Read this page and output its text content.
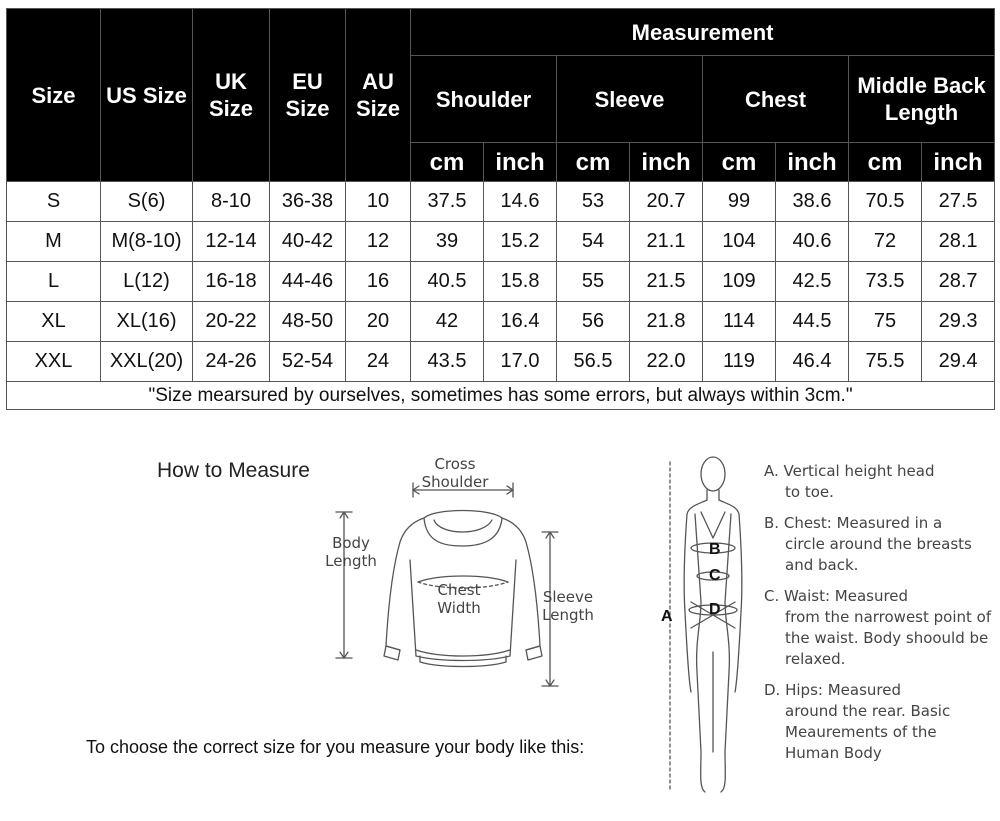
Size	US Size	UK Size	EU Size	AU Size	Measurement							
					Shoulder		Sleeve		Chest		Middle Back Length	
					cm	inch	cm	inch	cm	inch	cm	inch
S	S(6)	8-10	36-38	10	37.5	14.6	53	20.7	99	38.6	70.5	27.5
M	M(8-10)	12-14	40-42	12	39	15.2	54	21.1	104	40.6	72	28.1
L	L(12)	16-18	44-46	16	40.5	15.8	55	21.5	109	42.5	73.5	28.7
XL	XL(16)	20-22	48-50	20	42	16.4	56	21.8	114	44.5	75	29.3
XXL	XXL(20)	24-26	52-54	24	43.5	17.0	56.5	22.0	119	46.4	75.5	29.4
"Size mearsured by ourselves, sometimes has some errors, but always within 3cm."												
How to Measure	Cross Shoulder
Body Length
Chest Width
Sleeve Length
To choose the correct size for you measure your body like this:
A
B
C
D
A. Vertical height head
to toe.
B. Chest: Measured in a
circle around the breasts and back.
C. Waist: Measured
from the narrowest point of the waist. Body shoould be relaxed.
D. Hips: Measured
around the rear. Basic Meaurements of the Human Body
